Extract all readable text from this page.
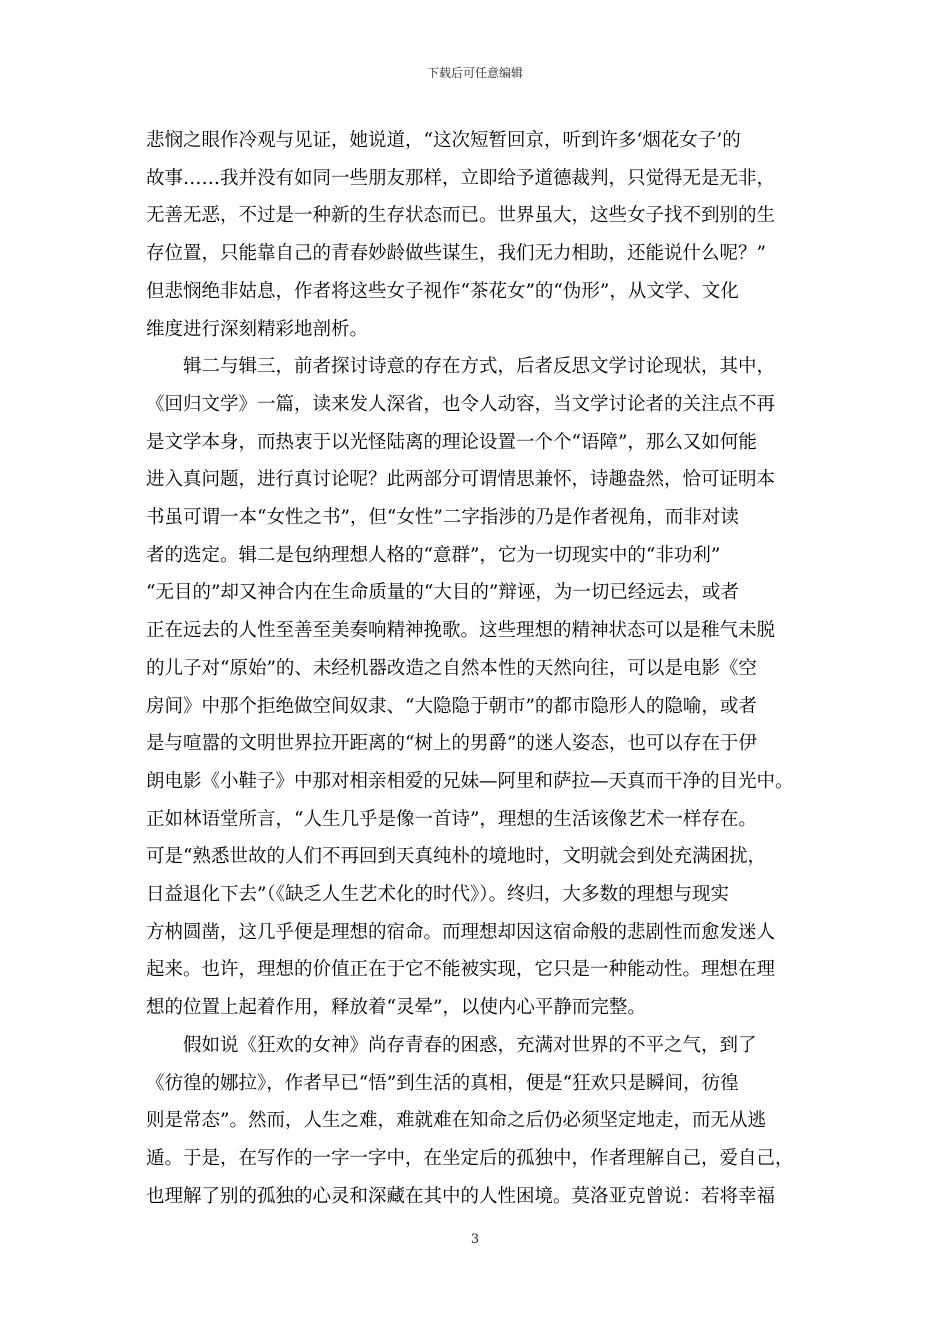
下载后可任意编辑

悲悯之眼作冷观与见证，她说道，“这次短暂回京，听到许多‘烟花女子’的
故事……我并没有如同一些朋友那样，立即给予道德裁判，只觉得无是无非，
无善无恶，不过是一种新的生存状态而已。世界虽大，这些女子找不到别的生
存位置，只能靠自己的青春妙龄做些谋生，我们无力相助，还能说什么呢？”
但悲悯绝非姑息，作者将这些女子视作“茶花女”的“伪形”，从文学、文化
维度进行深刻精彩地剖析。

辑二与辑三，前者探讨诗意的存在方式，后者反思文学讨论现状，其中，
《回归文学》一篇，读来发人深省，也令人动容，当文学讨论者的关注点不再
是文学本身，而热衷于以光怪陆离的理论设置一个个“语障”，那么又如何能
进入真问题，进行真讨论呢？此两部分可谓情思兼怀，诗趣盎然，恰可证明本
书虽可谓一本“女性之书”，但“女性”二字指涉的乃是作者视角，而非对读
者的选定。辑二是包纳理想人格的“意群”，它为一切现实中的“非功利”
“无目的”却又神合内在生命质量的“大目的”辩诬，为一切已经远去，或者
正在远去的人性至善至美奏响精神挽歌。这些理想的精神状态可以是稚气未脱
的儿子对“原始”的、未经机器改造之自然本性的天然向往，可以是电影《空
房间》中那个拒绝做空间奴隶、“大隐隐于朝市”的都市隐形人的隐喻，或者
是与喧嚣的文明世界拉开距离的“树上的男爵”的迷人姿态，也可以存在于伊
朗电影《小鞋子》中那对相亲相爱的兄妹—阿里和萨拉—天真而干净的目光中。
正如林语堂所言，“人生几乎是像一首诗”，理想的生活该像艺术一样存在。
可是“熟悉世故的人们不再回到天真纯朴的境地时，文明就会到处充满困扰，
日益退化下去”（《缺乏人生艺术化的时代》）。终归，大多数的理想与现实
方枘圆凿，这几乎便是理想的宿命。而理想却因这宿命般的悲剧性而愈发迷人
起来。也许，理想的价值正在于它不能被实现，它只是一种能动性。理想在理
想的位置上起着作用，释放着“灵晕”，以使内心平静而完整。

假如说《狂欢的女神》尚存青春的困惑，充满对世界的不平之气，到了
《彷徨的娜拉》，作者早已“悟”到生活的真相，便是“狂欢只是瞬间，彷徨
则是常态”。然而，人生之难，难就难在知命之后仍必须坚定地走，而无从逃
遁。于是，在写作的一字一字中，在坐定后的孤独中，作者理解自己，爱自己，
也理解了别的孤独的心灵和深藏在其中的人性困境。莫洛亚克曾说：若将幸福

3
